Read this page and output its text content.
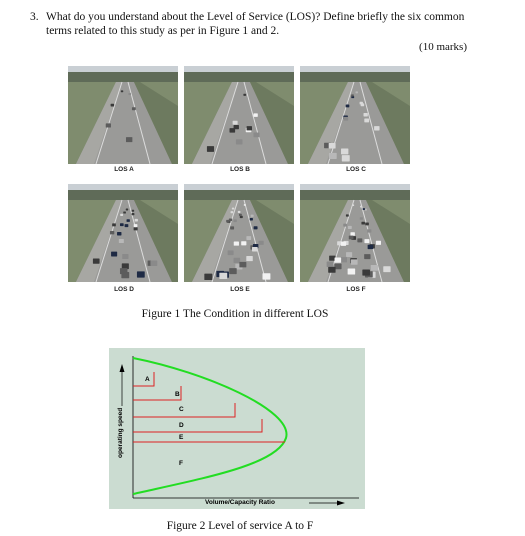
3. What do you understand about the Level of Service (LOS)? Define briefly the six common terms related to this study as per in Figure 1 and 2.
(10 marks)
LOS A	LOS B	LOS C
LOS D	LOS E	LOS F
Figure 1 The Condition in different LOS
operating speed
Volume/Capacity Ratio
A
B
C
D
E
F
Figure 2 Level of service A to F
